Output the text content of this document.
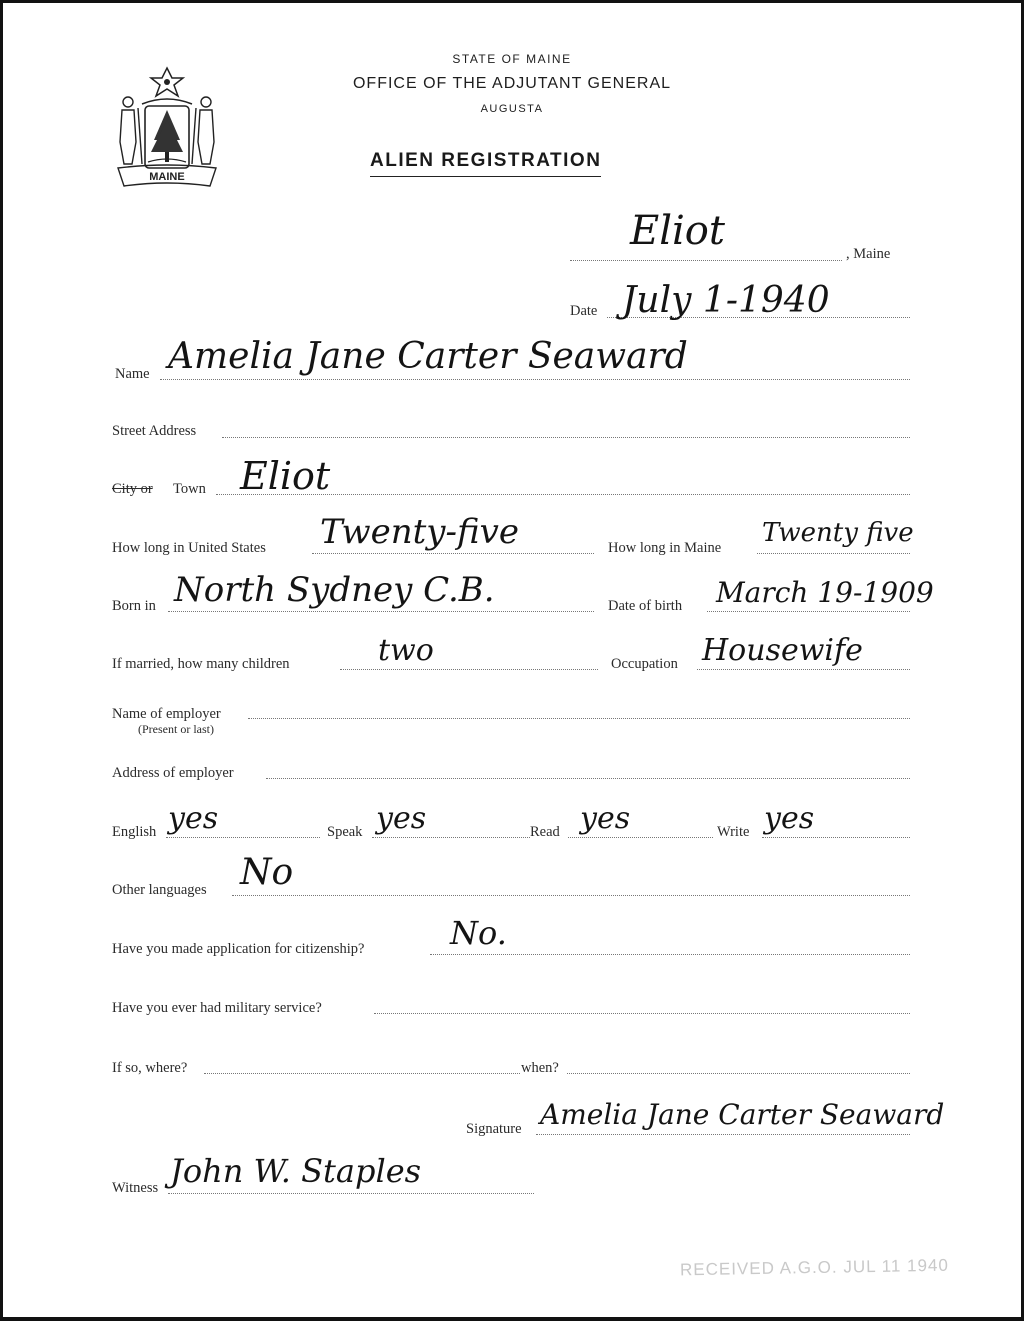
MAINE
STATE OF MAINE
OFFICE OF THE ADJUTANT GENERAL
AUGUSTA
ALIEN REGISTRATION
Eliot	, Maine
Date July 1-1940
Name Amelia Jane Carter Seaward
Street Address
City or Town Eliot
How long in United States Twenty-five	How long in Maine Twenty five
Born in North Sydney C.B.	Date of birth March 19-1909
If married, how many children	two	Occupation Housewife
Name of employer
(Present or last)
Address of employer
English yes	Speak yes	Read yes	Write yes
Other languages No
Have you made application for citizenship?	No.
Have you ever had military service?
If so, where?	when?
Signature Amelia Jane Carter Seaward
Witness John W. Staples
RECEIVED A.G.O. JUL 11 1940
